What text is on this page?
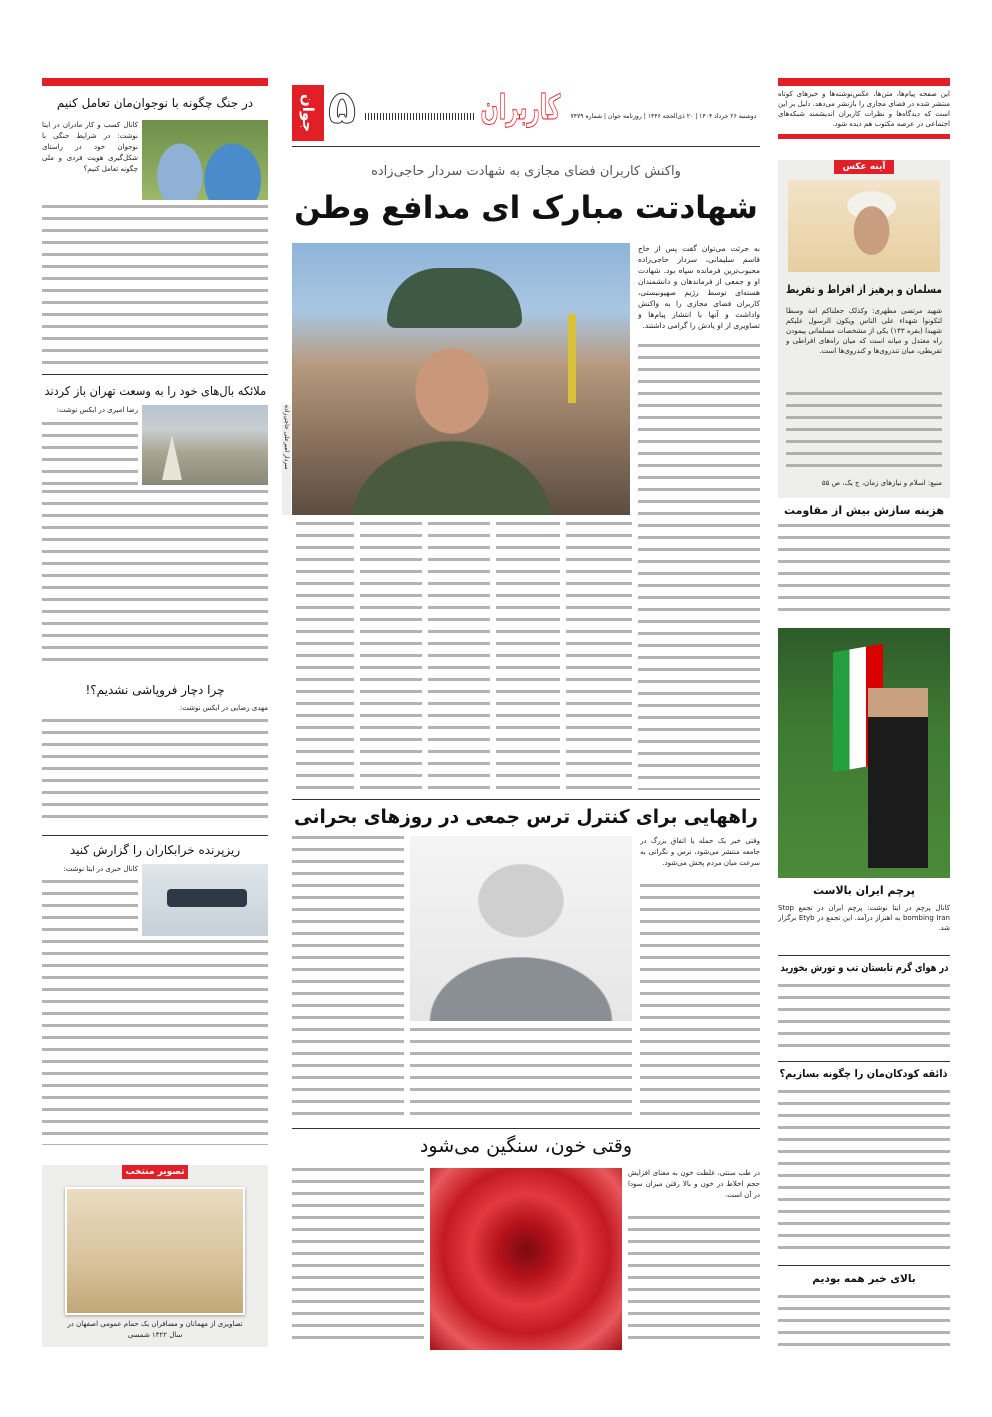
جوان ۵	کاربران	دوشنبه ۲۶ خرداد ۱۴۰۴ | ۲۰ ذی‌الحجه ۱۴۴۶ | روزنامه جوان | شماره ۷۴۷۹
واکنش کاربران فضای مجازی به شهادت سردار حاجی‌زاده
شهادتت مبارک ای مدافع وطن
سردار امیرعلی حاجی‌زاده
به جرئت می‌توان گفت پس از حاج قاسم سلیمانی، سردار حاجی‌زاده محبوب‌ترین فرمانده سپاه بود. شهادت او و جمعی از فرماندهان و دانشمندان هسته‌ای توسط رژیم صهیونیستی، کاربران فضای مجازی را به واکنش واداشت و آنها با انتشار پیام‌ها و تصاویری از او یادش را گرامی داشتند.
راههایی برای کنترل ترس جمعی در روزهای بحرانی
وقتی خبر یک حمله یا اتفاق بزرگ در جامعه منتشر می‌شود، ترس و نگرانی به سرعت میان مردم پخش می‌شود.
وقتی خون، سنگین می‌شود
در طب سنتی، غلظت خون به معنای افزایش حجم اخلاط در خون و بالا رفتن میزان سودا در آن است.
در جنگ چگونه با نوجوان‌مان تعامل کنیم
کانال کسب و کار مادران در ایتا نوشت: در شرایط جنگی با نوجوان خود در راستای شکل‌گیری هویت فردی و ملی چگونه تعامل کنیم؟
ملائکه بال‌های خود را به وسعت تهران باز کردند
رضا امیری در ایکس نوشت:
چرا دچار فروپاشی نشدیم؟!
مهدی رضایی در ایکس نوشت:
ریزپرنده خرابکاران را گزارش کنید
کانال خبری در ایتا نوشت:
تصویر منتخب
تصاویری از مهمانان و مسافران یک حمام عمومی اصفهان در سال ۱۳۲۲ شمسی
این صفحه پیام‌ها، متن‌ها، عکس‌نوشته‌ها و خبرهای کوتاه منتشر شده در فضای مجازی را بازنشر می‌دهد. دلیل بر این است که دیدگاه‌ها و نظرات کاربران اندیشمند شبکه‌های اجتماعی در عرصه مکتوب هم دیده شود.
آینه عکس
مسلمان و پرهیز از افراط و تفریط
شهید مرتضی مطهری: وکذلک جعلناکم امة وسطا لتکونوا شهداء علی الناس ویکون الرسول علیکم شهیدا (بقره ۱۴۳) یکی از مشخصات مسلمانی پیمودن راه معتدل و میانه است که میان راه‌های افراطی و تفریطی، میان تندروی‌ها و کندروی‌ها است.
منبع: اسلام و نیازهای زمان، ج یک، ص ۵۵
هزینه سازش بیش از مقاومت
پرچم ایران بالاست
کانال پرچم در ایتا نوشت: پرچم ایران در تجمع Stop bombing Iran به اهتزاز درآمد. این تجمع در Etyb برگزار شد.
در هوای گرم تابستان تب و تورش بخورید
ذائقه کودکان‌مان را چگونه بسازیم؟
بالای خبر همه بودیم
